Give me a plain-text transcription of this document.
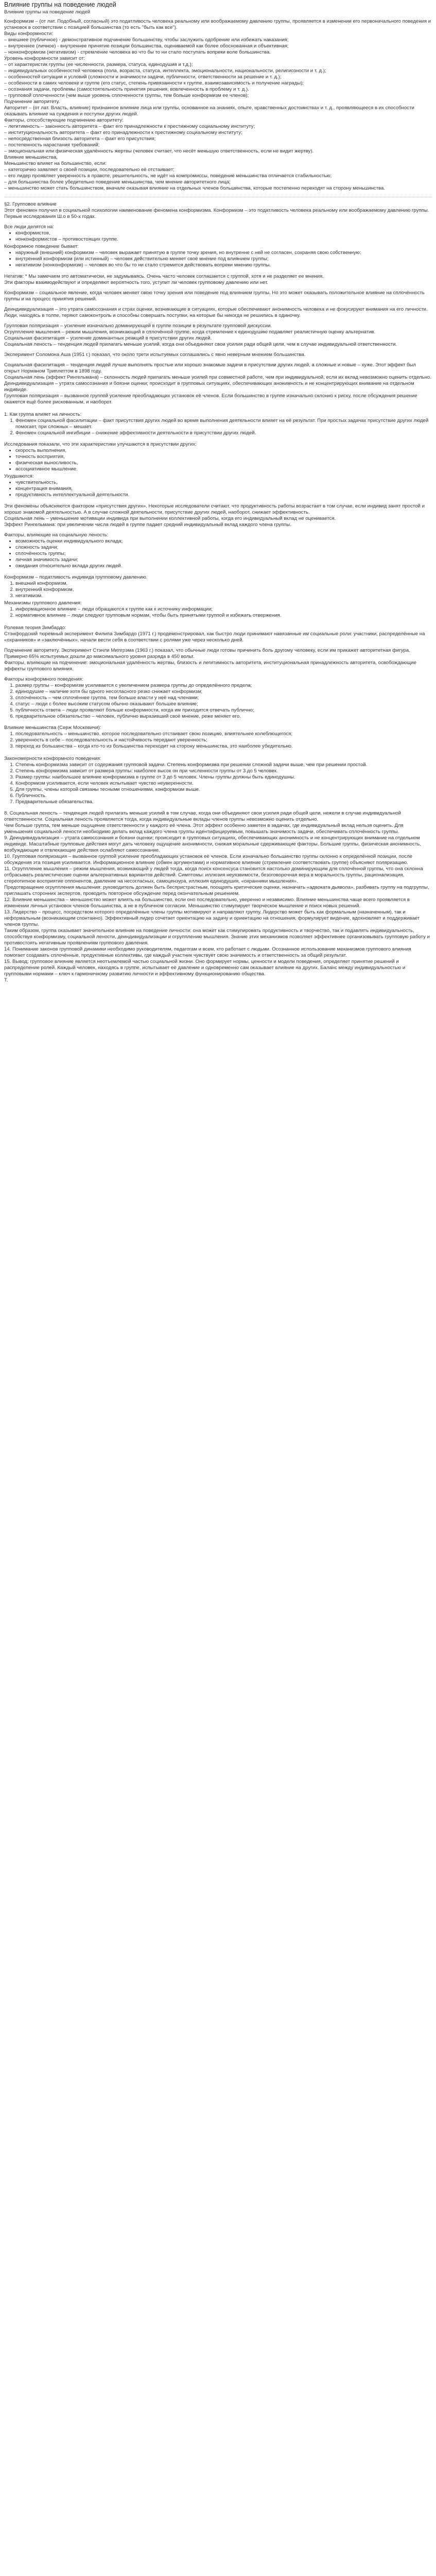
Влияние группы на поведение людей

Влияние группы на поведение людей

Конформизм – (от лат. Подобный, согласный) это податливость человека реальному или воображаемому давлению группы, проявляется в изменении его первоначального поведения и установок в соответствии с позицией большинства (то есть "быть как все").

Виды конформности:

– внешнее (публичное) - демонстративное подчинение большинству, чтобы заслужить одобрение или избежать наказания;

– внутреннее (личное) - внутреннее принятие позиции большинства, оцениваемой как более обоснованная и объективная;

– нонконформизм (негативизм) - стремление человека во что бы то ни стало поступать вопреки воле большинства.

Уровень конформности зависит от:

– от характеристик группы (ее численности, размера, статуса, единодушия и т.д.);

– индивидуальных особенностей человека (пола, возраста, статуса, интеллекта, эмоциональности, национальности, религиозности и т. д.);

– особенностей ситуации и условий (сложности и значимости задачи, публичности, ответственности за решение и т. д.);

– особенности в самих человеке и группе (его статус, степень привязанности к группе, взаимозависимость и получение награды);

– осознания задачи, проблемы (самостоятельность принятия решения, вовлеченность в проблему и т. д.).

– групповой сплоченности (чем выше уровень сплоченности группы, тем больше конформизм ее членов);

Подчинение авторитету.

Авторитет – (от лат. Власть, влияние) признанное влияние лица или группы, основанное на знаниях, опыте, нравственных достоинствах и т. д., проявляющееся в их способности оказывать влияние на суждения и поступки других людей.

Факторы, способствующие подчинению авторитету:

– легитимность – законность авторитета – факт его принадлежности к престижному социальному институту;

– институциональность авторитета – факт его принадлежности к престижному социальному институту;

– непосредственная близость авторитета – факт его присутствия;

– постепенность нарастания требований;

– эмоциональная или физическая удалённость жертвы (человек считает, что несёт меньшую ответственность, если не видит жертву).

Влияние меньшинства.

Меньшинство влияет на большинство, если:

– категорично заявляет о своей позиции, последовательно её отстаивает;

– его лидер проявляет уверенность в правоте, решительность, не идёт на компромиссы, поведение меньшинства отличается стабильностью;

– для большинства более убедительно поведение меньшинства, чем мнение авторитетного лица;

– меньшинство может стать большинством, вначале оказывая влияние на отдельных членов большинства, которые постепенно переходят на сторону меньшинства.

§2. Групповое влияние

Этот феномен получил в социальной психологии наименование феномена конформизма. Конформизм – это податливость человека реальному или воображаемому давлению группы.

Первые исследования Ш.о в 50-х годах.

Все люди делятся на:

• конформистов,
• нонконформистов – противостоящих группе.

Конформное поведение бывает:

• наружный (внешний) конформизм – человек выражает принятую в группе точку зрения, но внутренне с ней не согласен, сохраняя свою собственную;
• внутренний конформизм (или истинный) – человек действительно меняет своё мнение под влиянием группы;
• негативизм (нонконформизм) – человек во что бы то ни стало стремится действовать вопреки мнению группы.

Негатив: * Мы замечаем это автоматически, не задумываясь. Очень часто человек соглашается с группой, хотя и не разделяет ее мнения.

Эти факторы взаимодействуют и определяют вероятность того, уступит ли человек групповому давлению или нет.

Конформизм – социальное явление, когда человек меняет свою точку зрения или поведение под влиянием группы. Но это может оказывать положительное влияние на сплочённость группы и на процесс принятия решений.

Деиндивидуализация – это утрата самосознания и страх оценки, возникающие в ситуациях, которые обеспечивают анонимность человека и не фокусируют внимания на его личности.

Люди, находясь в толпе, теряют самоконтроль и способны совершать поступки, на которые бы никогда не решились в одиночку.

Групповая поляризация – усиление изначально доминирующей в группе позиции в результате групповой дискуссии.

Огруппление мышления – режим мышления, возникающий в сплочённой группе, когда стремление к единодушию подавляет реалистичную оценку альтернатив.

Социальная фасилитация – усиление доминантных реакций в присутствии других людей.

Социальная леность – тенденция людей прилагать меньше усилий, когда они объединяют свои усилия ради общей цели, чем в случае индивидуальной ответственности.

Эксперимент Соломона Аша (1951 г.) показал, что около трети испытуемых соглашались с явно неверным мнением большинства.

Социальная фасилитация – тенденция людей лучше выполнять простые или хорошо знакомые задачи в присутствии других людей, а сложные и новые – хуже. Этот эффект был открыт Норманом Триплеттом в 1898 году.

Социальная лень (эффект Рингельмана) – склонность людей прилагать меньше усилий при совместной работе, чем при индивидуальной, если их вклад невозможно оценить отдельно.

Деиндивидуализация – утрата самосознания и боязни оценки; происходит в групповых ситуациях, обеспечивающих анонимность и не концентрирующих внимание на отдельном индивиде.

Групповая поляризация – вызванное группой усиление преобладающих установок её членов. Если большинство в группе изначально склонно к риску, после обсуждения решение окажется ещё более рискованным, и наоборот.

1. Как группа влияет на личность:

1. Феномен социальной фасилитации – факт присутствия других людей во время выполнения деятельности влияет на её результат. При простых задачах присутствие других людей помогает, при сложных – мешает.
2. Феномен социальной ингибиции – снижение эффективности деятельности в присутствии других людей.

Исследования показали, что эти характеристики улучшаются в присутствии других:

• скорость выполнения,
• точность восприятия,
• физическая выносливость,
• ассоциативное мышление.

Ухудшаются:

• чувствительность,
• концентрация внимания,
• продуктивность интеллектуальной деятельности.

Эти феномены объясняются фактором «присутствия других». Некоторые исследователи считают, что продуктивность работы возрастает в том случае, если индивид занят простой и хорошо знакомой деятельностью. А в случае сложной деятельности, присутствие других людей, наоборот, снижает эффективность.

Социальная лень – уменьшение мотивации индивида при выполнении коллективной работы, когда его индивидуальный вклад не оценивается.

Эффект Рингельмана: при увеличении числа людей в группе падает средний индивидуальный вклад каждого члена группы.

Факторы, влияющие на социальную леность:

• возможность оценки индивидуального вклада;
• сложность задачи;
• сплочённость группы;
• личная значимость задачи;
• ожидания относительно вклада других людей.

Конформизм – податливость индивида групповому давлению.

1. внешний конформизм,
2. внутренний конформизм,
3. негативизм.

Механизмы группового давления:

1. информационное влияние – люди обращаются к группе как к источнику информации;
2. нормативное влияние – люди следуют групповым нормам, чтобы быть принятыми группой и избежать отвержения.

Ролевая теория Зимбардо:

Стэнфордский тюремный эксперимент Филипа Зимбардо (1971 г.) продемонстрировал, как быстро люди принимают навязанные им социальные роли: участники, распределённые на «охранников» и «заключённых», начали вести себя в соответствии с ролями уже через несколько дней.

Подчинение авторитету. Эксперимент Стэнли Милгрэма (1963 г.) показал, что обычные люди готовы причинить боль другому человеку, если им прикажет авторитетная фигура.

Примерно 65% испытуемых дошли до максимального уровня разряда в 450 вольт.

Факторы, влияющие на подчинение: эмоциональная удалённость жертвы, близость и легитимность авторитета, институциональная принадлежность авторитета, освобождающие эффекты группового влияния.

Факторы конформного поведения:

1. размер группы – конформизм усиливается с увеличением размера группы до определённого предела;
2. единодушие – наличие хотя бы одного несогласного резко снижает конформизм;
3. сплочённость – чем сплочённее группа, тем больше власти у неё над членами;
4. статус – люди с более высоким статусом обычно оказывают большее влияние;
5. публичность ответа – люди проявляют больше конформности, когда им приходится отвечать публично;
6. предварительное обязательство – человек, публично выразивший своё мнение, реже меняет его.

Влияние меньшинства (Серж Московичи):

1. последовательность – меньшинство, которое последовательно отстаивает свою позицию, влиятельнее колеблющегося;
2. уверенность в себе – последовательность и настойчивость передают уверенность;
3. переход из большинства – когда кто-то из большинства переходит на сторону меньшинства, это наиболее убедительно.

Закономерности конформного поведения:

1. Степень конформизма зависит от содержания групповой задачи. Степень конформизма при решении сложной задачи выше, чем при решении простой.
2. Степень конформизма зависит от размера группы: наиболее высок он при численности группы от 3 до 5 человек.
3. Размер группы: наибольшее влияние конформизма в группе от 3 до 5 человек. Члены группы должны быть единодушны.
4. Конформизм усиливается, если человек испытывает чувство неуверенности.
5. Для группы, члены которой связаны тесными отношениями, конформизм выше.
6. Публичность.
7. Предварительные обязательства.

8. Социальная леность – тенденция людей прилагать меньше усилий в том случае, когда они объединяют свои усилия ради общей цели, нежели в случае индивидуальной ответственности. Социальная леность проявляется тогда, когда индивидуальные вклады членов группы невозможно оценить отдельно.

Чем больше группа, тем меньше ощущение ответственности у каждого её члена. Этот эффект особенно заметен в задачах, где индивидуальный вклад нельзя оценить. Для уменьшения социальной лености необходимо делать вклад каждого члена группы идентифицируемым, повышать значимость задачи, обеспечивать сплочённость группы.

9. Деиндивидуализация – утрата самосознания и боязни оценки; происходит в групповых ситуациях, обеспечивающих анонимность и не концентрирующих внимание на отдельном индивиде. Масштабные групповые действия могут дать человеку ощущение анонимности, снижая моральные сдерживающие факторы. Большие группы, физическая анонимность, возбуждающие и отвлекающие действия ослабляют самосознание.

10. Групповая поляризация – вызванное группой усиление преобладающих установок её членов. Если изначально большинство группы склонно к определённой позиции, после обсуждения эта позиция усиливается. Информационное влияние (обмен аргументами) и нормативное влияние (стремление соответствовать группе) объясняют поляризацию.

11. Огруппление мышления – режим мышления, возникающий у людей тогда, когда поиск консенсуса становится настолько доминирующим для сплочённой группы, что она склонна отбрасывать реалистические оценки альтернативных вариантов действий. Симптомы: иллюзия неуязвимости, безоговорочная вера в моральность группы, рационализация, стереотипное восприятие оппонентов, давление на несогласных, самоцензура, иллюзия единодушия, «охранники мышления».

Предотвращение огруппления мышления: руководитель должен быть беспристрастным, поощрять критические оценки, назначать «адвоката дьявола», разбивать группу на подгруппы, приглашать сторонних экспертов, проводить повторное обсуждение перед окончательным решением.

12. Влияние меньшинства – меньшинство может влиять на большинство, если оно последовательно, уверенно и независимо. Влияние меньшинства чаще всего проявляется в изменении личных установок членов большинства, а не в публичном согласии. Меньшинство стимулирует творческое мышление и поиск новых решений.

13. Лидерство – процесс, посредством которого определённые члены группы мотивируют и направляют группу. Лидерство может быть как формальным (назначенным), так и неформальным (возникающим спонтанно). Эффективный лидер сочетает ориентацию на задачу и ориентацию на отношения, формулирует видение, вдохновляет и поддерживает членов группы.

Таким образом, группа оказывает значительное влияние на поведение личности: она может как стимулировать продуктивность и творчество, так и подавлять индивидуальность, способствуя конформизму, социальной лености, деиндивидуализации и огрупплению мышления. Знание этих механизмов позволяет эффективнее организовывать групповую работу и противостоять негативным проявлениям группового давления.

14. Понимание законов групповой динамики необходимо руководителям, педагогам и всем, кто работает с людьми. Осознанное использование механизмов группового влияния помогает создавать сплочённые, продуктивные коллективы, где каждый участник чувствует свою значимость и ответственность за общий результат.

15. Вывод: групповое влияние является неотъемлемой частью социальной жизни. Оно формирует нормы, ценности и модели поведения, определяет принятие решений и распределение ролей. Каждый человек, находясь в группе, испытывает её давление и одновременно сам оказывает влияние на других. Баланс между индивидуальностью и групповыми нормами – ключ к гармоничному развитию личности и эффективному функционированию общества.

Т.
